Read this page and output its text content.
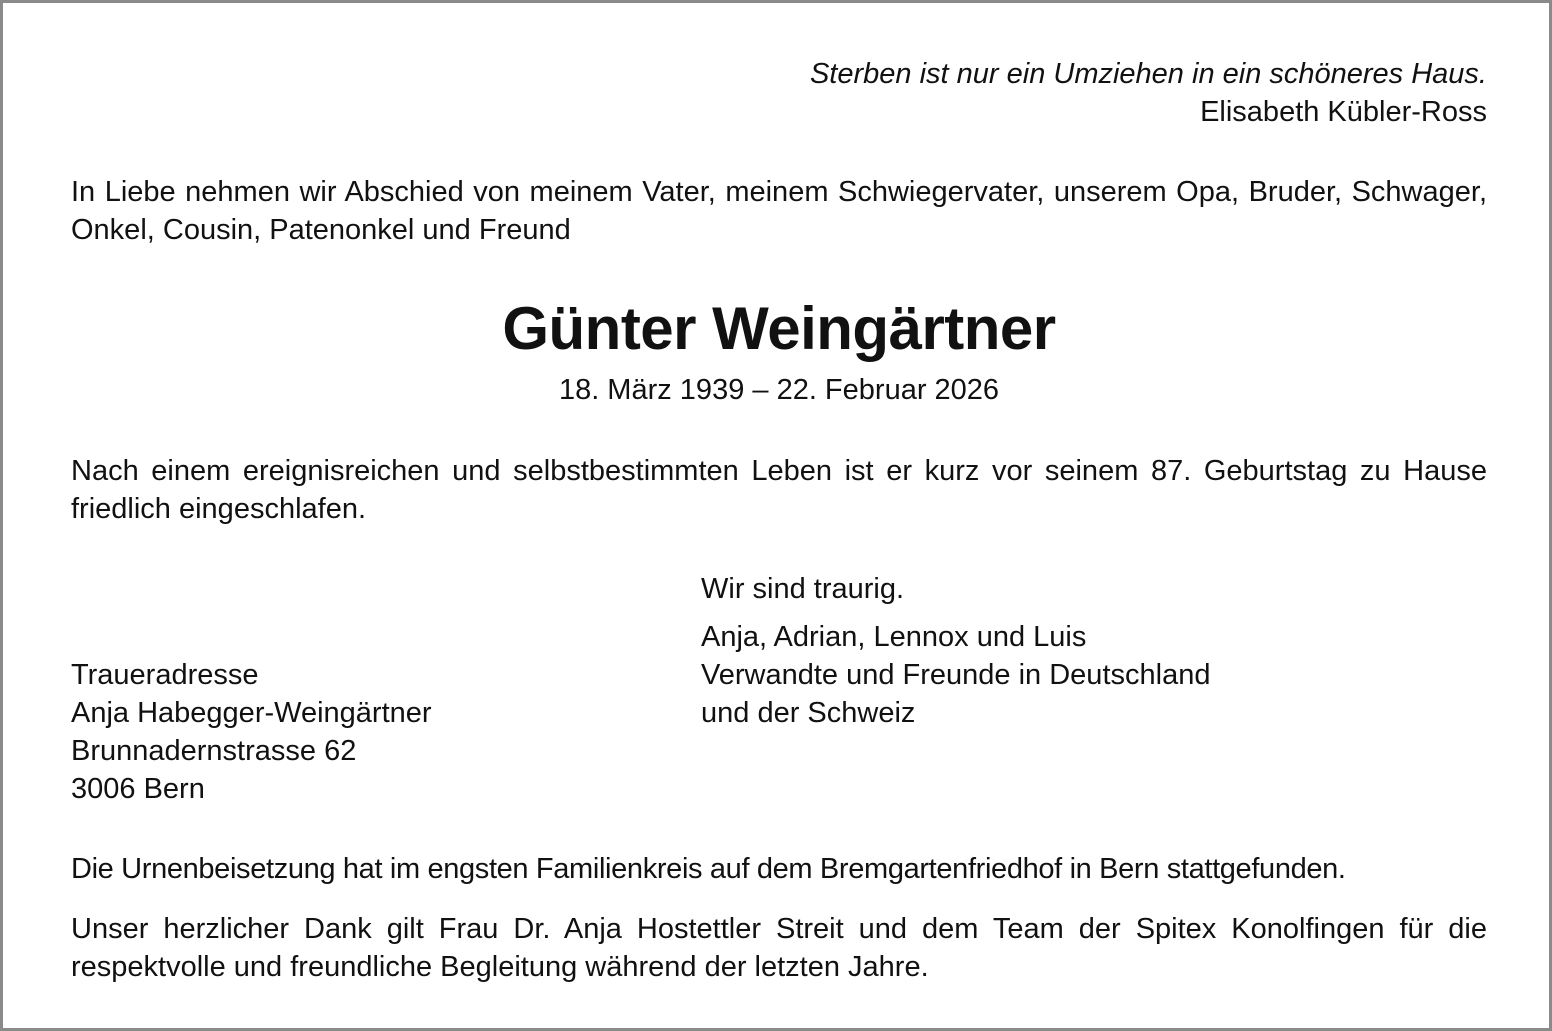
Sterben ist nur ein Umziehen in ein schöneres Haus.
Elisabeth Kübler-Ross
In Liebe nehmen wir Abschied von meinem Vater, meinem Schwiegervater, unserem Opa, Bruder, Schwager, Onkel, Cousin, Patenonkel und Freund
Günter Weingärtner
18. März 1939 – 22. Februar 2026
Nach einem ereignisreichen und selbstbestimmten Leben ist er kurz vor seinem 87. Geburtstag zu Hause friedlich eingeschlafen.
Wir sind traurig.
Anja, Adrian, Lennox und Luis
Verwandte und Freunde in Deutschland
und der Schweiz
Traueradresse
Anja Habegger-Weingärtner
Brunnadernstrasse 62
3006 Bern
Die Urnenbeisetzung hat im engsten Familienkreis auf dem Bremgartenfriedhof in Bern stattgefunden.
Unser herzlicher Dank gilt Frau Dr. Anja Hostettler Streit und dem Team der Spitex Konolfingen für die respektvolle und freundliche Begleitung während der letzten Jahre.
